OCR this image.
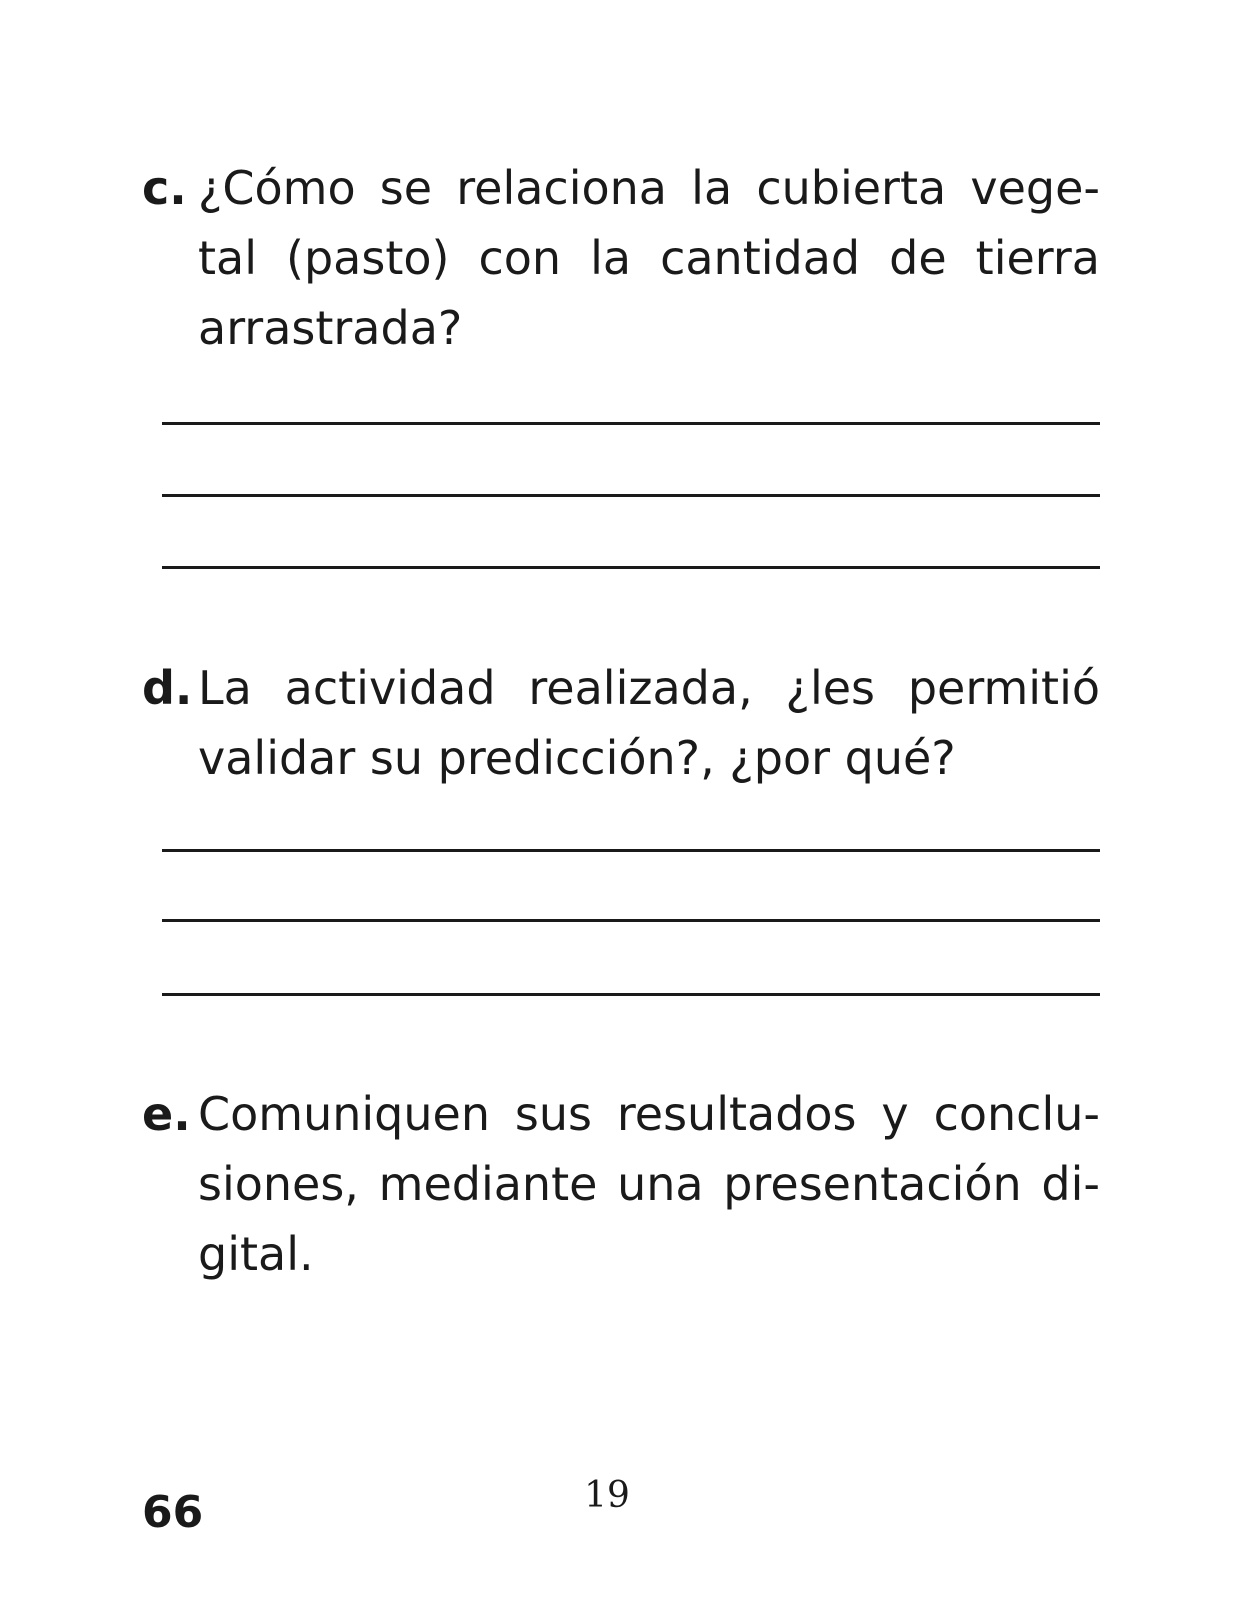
c. ¿Cómo se relaciona la cubierta vege-
tal (pasto) con la cantidad de tierra
arrastrada?
d. La actividad realizada, ¿les permitió
validar su predicción?, ¿por qué?
e. Comuniquen sus resultados y conclu-
siones, mediante una presentación di-
gital.
66	19
